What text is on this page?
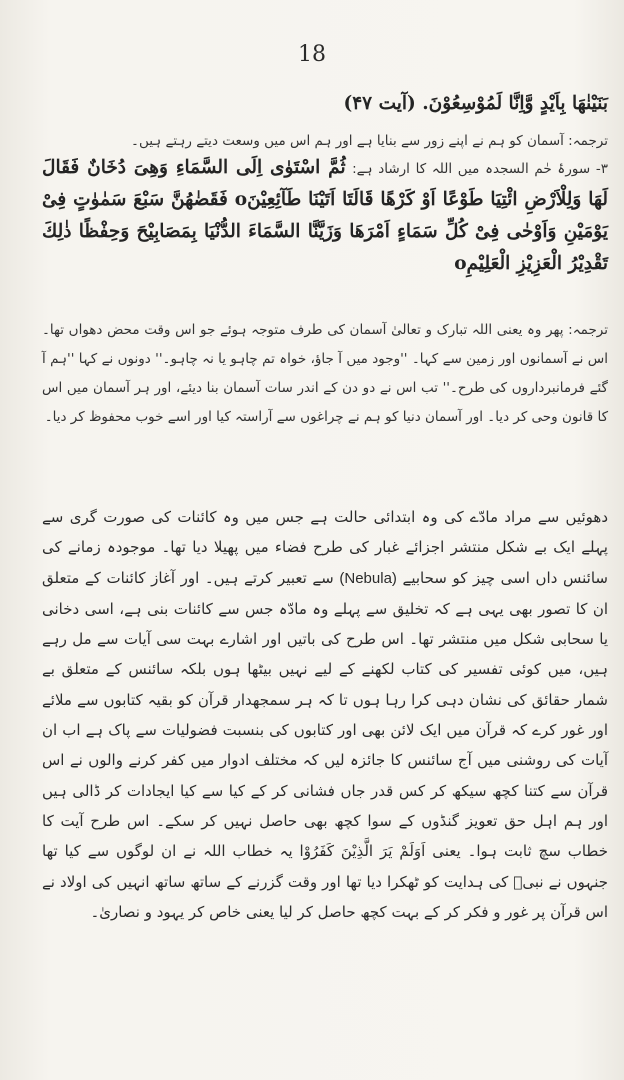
18
بَنَيْنٰهَا بِاَيْدٍ وَّاِنَّا لَمُوْسِعُوْنَ. (آیت ۴۷)
ترجمہ: آسمان کو ہم نے اپنے زور سے بنایا ہے اور ہم اس میں وسعت دیتے رہتے ہیں۔
۳- سورۂ حٰم السجدہ میں اللہ کا ارشاد ہے: ثُمَّ اسْتَوٰى اِلَى السَّمَاءِ وَهِیَ دُخَانٌ فَقَالَ لَهَا وَلِلْاَرْضِ ائْتِيَا طَوْعًا اَوْ كَرْهًا قَالَتَا اَتَيْنَا طَآئِعِيْنَo فَقَضٰهُنَّ سَبْعَ سَمٰوٰتٍ فِیْ يَوْمَيْنِ وَاَوْحٰى فِیْ كُلِّ سَمَاءٍ اَمْرَهَا وَزَيَّنَّا السَّمَاءَ الدُّنْيَا بِمَصَابِيْحَ وَحِفْظًا ذٰلِكَ تَقْدِيْرُ الْعَزِيْزِ الْعَلِيْمِo
ترجمہ: پھر وہ یعنی اللہ تبارک و تعالیٰ آسمان کی طرف متوجہ ہوئے جو اس وقت محض دھواں تھا۔ اس نے آسمانوں اور زمین سے کہا۔ ''وجود میں آ جاؤ، خواہ تم چاہو یا نہ چاہو۔'' دونوں نے کہا ''ہم آ گئے فرمانبرداروں کی طرح۔'' تب اس نے دو دن کے اندر سات آسمان بنا دیئے، اور ہر آسمان میں اس کا قانون وحی کر دیا۔ اور آسمان دنیا کو ہم نے چراغوں سے آراستہ کیا اور اسے خوب محفوظ کر دیا۔
دھوئیں سے مراد مادّے کی وہ ابتدائی حالت ہے جس میں وہ کائنات کی صورت گری سے پہلے ایک بے شکل منتشر اجزائے غبار کی طرح فضاء میں پھیلا دیا تھا۔ موجودہ زمانے کی سائنس داں اسی چیز کو سحابیے (Nebula) سے تعبیر کرتے ہیں۔ اور آغاز کائنات کے متعلق ان کا تصور بھی یہی ہے کہ تخلیق سے پہلے وہ مادّہ جس سے کائنات بنی ہے، اسی دخانی یا سحابی شکل میں منتشر تھا۔ اس طرح کی باتیں اور اشارے بہت سی آیات سے مل رہے ہیں، میں کوئی تفسیر کی کتاب لکھنے کے لیے نہیں بیٹھا ہوں بلکہ سائنس کے متعلق بے شمار حقائق کی نشان دہی کرا رہا ہوں تا کہ ہر سمجھدار قرآن کو بقیہ کتابوں سے ملائے اور غور کرے کہ قرآن میں ایک لائن بھی اور کتابوں کی بنسبت فضولیات سے پاک ہے اب ان آیات کی روشنی میں آج سائنس کا جائزہ لیں کہ مختلف ادوار میں کفر کرنے والوں نے اس قرآن سے کتنا کچھ سیکھ کر کس قدر جاں فشانی کر کے کیا سے کیا ایجادات کر ڈالی ہیں اور ہم اہل حق تعویز گنڈوں کے سوا کچھ بھی حاصل نہیں کر سکے۔ اس طرح آیت کا خطاب سچ ثابت ہوا۔ یعنی اَوَلَمْ يَرَ الَّذِيْنَ كَفَرُوْا یہ خطاب اللہ نے ان لوگوں سے کیا تھا جنہوں نے نبیؐ کی ہدایت کو ٹھکرا دیا تھا اور وقت گزرنے کے ساتھ ساتھ انہیں کی اولاد نے اس قرآن پر غور و فکر کر کے بہت کچھ حاصل کر لیا یعنی خاص کر یہود و نصاریٰ۔
